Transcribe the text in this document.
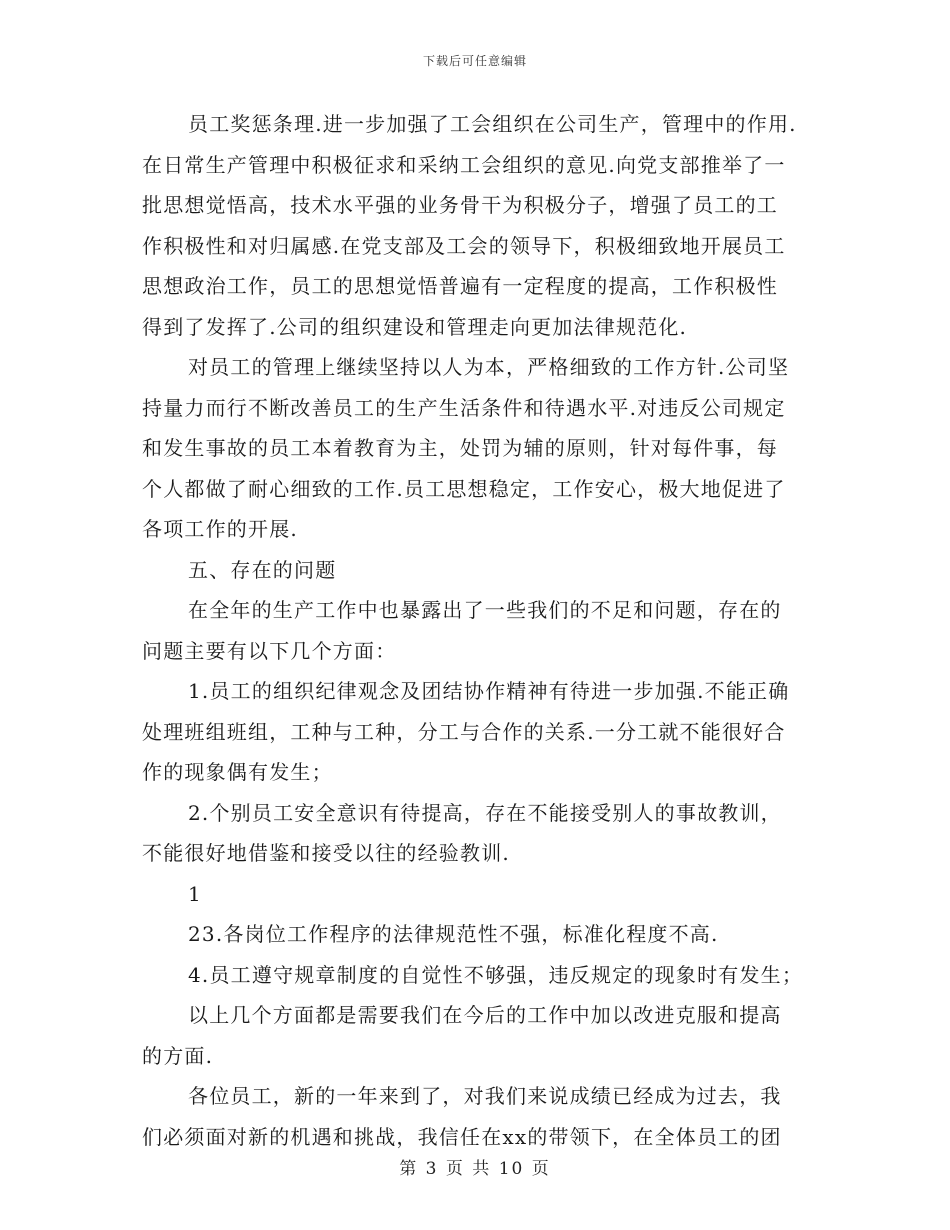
下载后可任意编辑
员工奖惩条理.进一步加强了工会组织在公司生产，管理中的作用.
在日常生产管理中积极征求和采纳工会组织的意见.向党支部推举了一
批思想觉悟高，技术水平强的业务骨干为积极分子，增强了员工的工
作积极性和对归属感.在党支部及工会的领导下，积极细致地开展员工
思想政治工作，员工的思想觉悟普遍有一定程度的提高，工作积极性
得到了发挥了.公司的组织建设和管理走向更加法律规范化.
对员工的管理上继续坚持以人为本，严格细致的工作方针.公司坚
持量力而行不断改善员工的生产生活条件和待遇水平.对违反公司规定
和发生事故的员工本着教育为主，处罚为辅的原则，针对每件事，每
个人都做了耐心细致的工作.员工思想稳定，工作安心，极大地促进了
各项工作的开展.
五、存在的问题
在全年的生产工作中也暴露出了一些我们的不足和问题，存在的
问题主要有以下几个方面：
1.员工的组织纪律观念及团结协作精神有待进一步加强.不能正确
处理班组班组，工种与工种，分工与合作的关系.一分工就不能很好合
作的现象偶有发生；
2.个别员工安全意识有待提高，存在不能接受别人的事故教训，
不能很好地借鉴和接受以往的经验教训.
1
23.各岗位工作程序的法律规范性不强，标准化程度不高.
4.员工遵守规章制度的自觉性不够强，违反规定的现象时有发生；
以上几个方面都是需要我们在今后的工作中加以改进克服和提高
的方面.
各位员工，新的一年来到了，对我们来说成绩已经成为过去，我
们必须面对新的机遇和挑战，我信任在xx的带领下，在全体员工的团
第 3 页 共 10 页
